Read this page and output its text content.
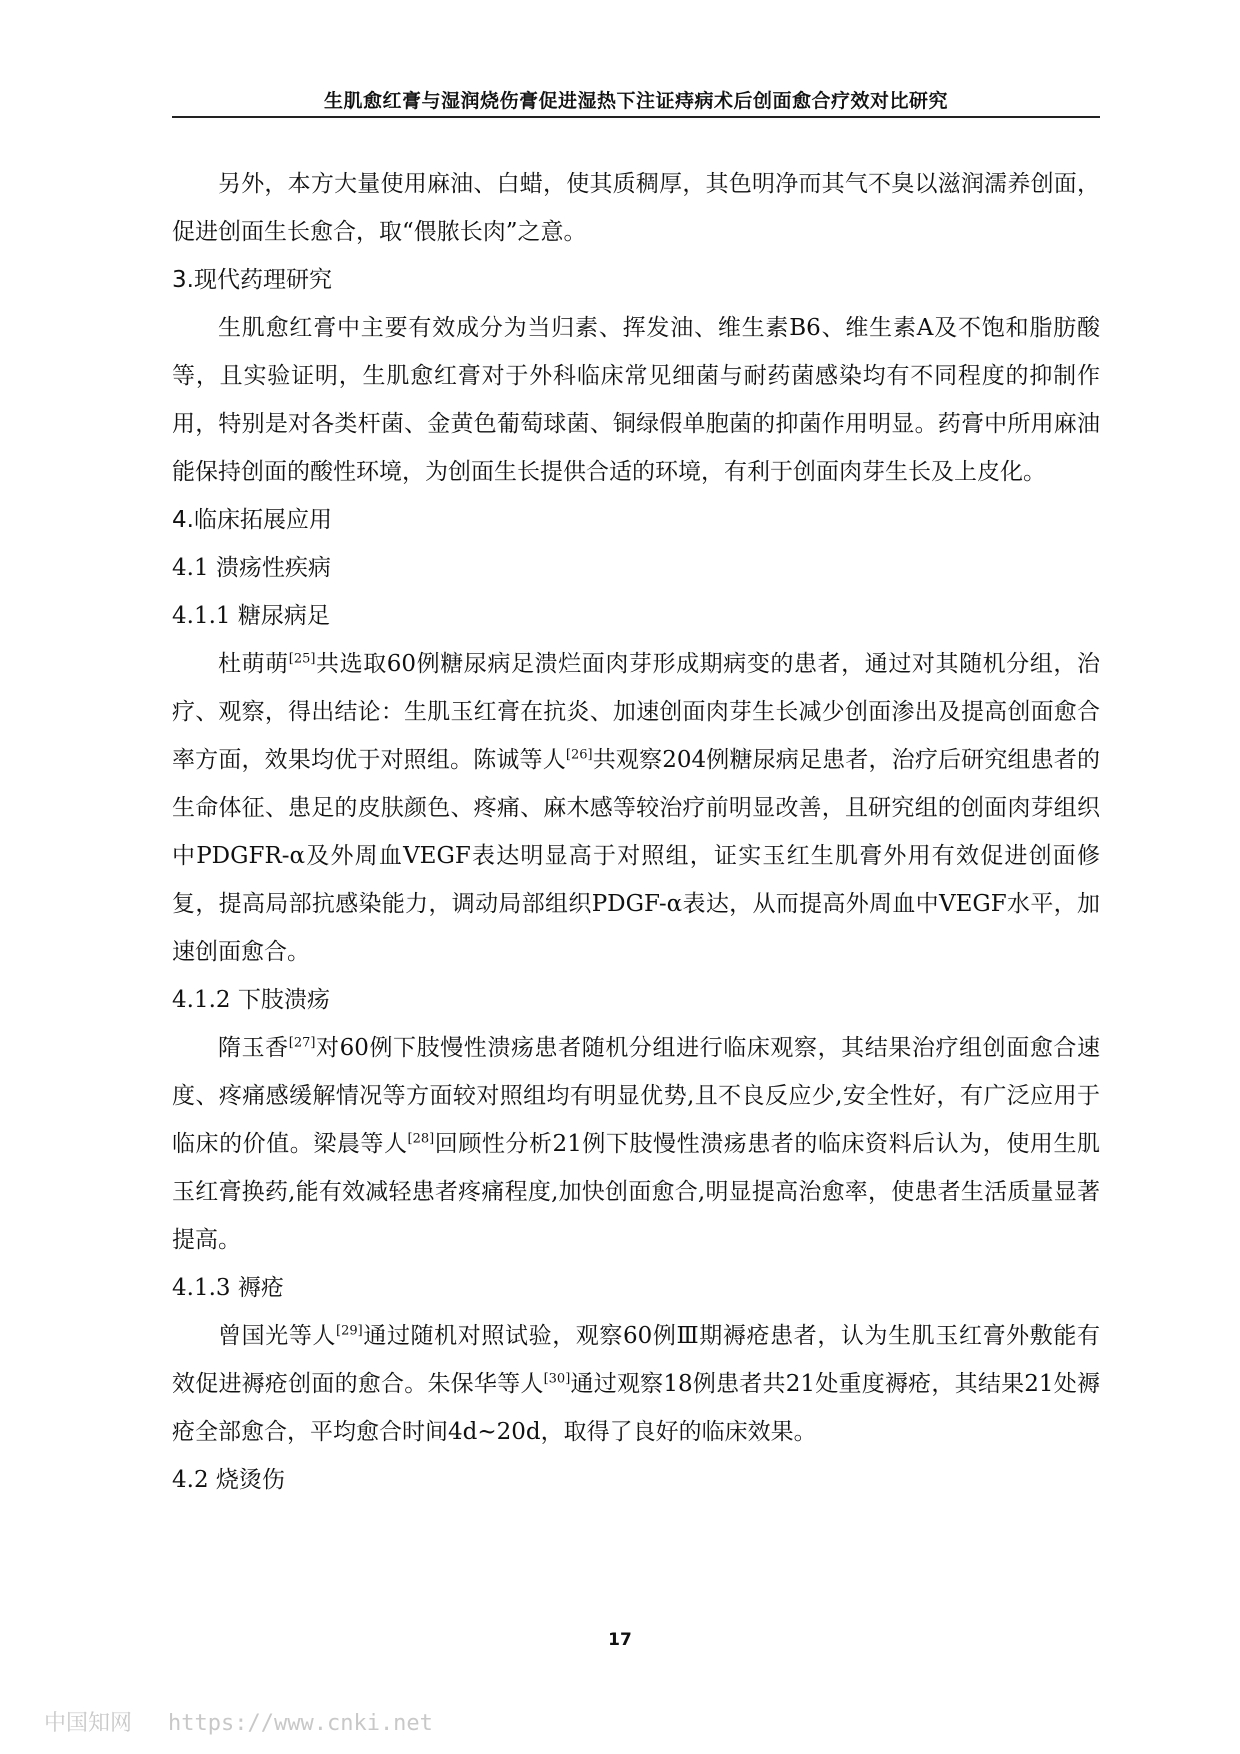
生肌愈红膏与湿润烧伤膏促进湿热下注证痔病术后创面愈合疗效对比研究

另外，本方大量使用麻油、白蜡，使其质稠厚，其色明净而其气不臭以滋润濡养创面，促进创面生长愈合，取“偎脓长肉”之意。

3.现代药理研究

生肌愈红膏中主要有效成分为当归素、挥发油、维生素B6、维生素A及不饱和脂肪酸等，且实验证明，生肌愈红膏对于外科临床常见细菌与耐药菌感染均有不同程度的抑制作用，特别是对各类杆菌、金黄色葡萄球菌、铜绿假单胞菌的抑菌作用明显。药膏中所用麻油能保持创面的酸性环境，为创面生长提供合适的环境，有利于创面肉芽生长及上皮化。

4.临床拓展应用

4.1 溃疡性疾病

4.1.1 糖尿病足

杜萌萌[25]共选取60例糖尿病足溃烂面肉芽形成期病变的患者，通过对其随机分组，治疗、观察，得出结论：生肌玉红膏在抗炎、加速创面肉芽生长减少创面渗出及提高创面愈合率方面，效果均优于对照组。陈诚等人[26]共观察204例糖尿病足患者，治疗后研究组患者的生命体征、患足的皮肤颜色、疼痛、麻木感等较治疗前明显改善，且研究组的创面肉芽组织中PDGFR-α及外周血VEGF表达明显高于对照组，证实玉红生肌膏外用有效促进创面修复，提高局部抗感染能力，调动局部组织PDGF-α表达，从而提高外周血中VEGF水平，加速创面愈合。

4.1.2 下肢溃疡

隋玉香[27]对60例下肢慢性溃疡患者随机分组进行临床观察，其结果治疗组创面愈合速度、疼痛感缓解情况等方面较对照组均有明显优势,且不良反应少,安全性好，有广泛应用于临床的价值。梁晨等人[28]回顾性分析21例下肢慢性溃疡患者的临床资料后认为，使用生肌玉红膏换药,能有效减轻患者疼痛程度,加快创面愈合,明显提高治愈率，使患者生活质量显著提高。

4.1.3 褥疮

曾国光等人[29]通过随机对照试验，观察60例Ⅲ期褥疮患者，认为生肌玉红膏外敷能有效促进褥疮创面的愈合。朱保华等人[30]通过观察18例患者共21处重度褥疮，其结果21处褥疮全部愈合，平均愈合时间4d~20d，取得了良好的临床效果。

4.2 烧烫伤

17
中国知网 https://www.cnki.net
